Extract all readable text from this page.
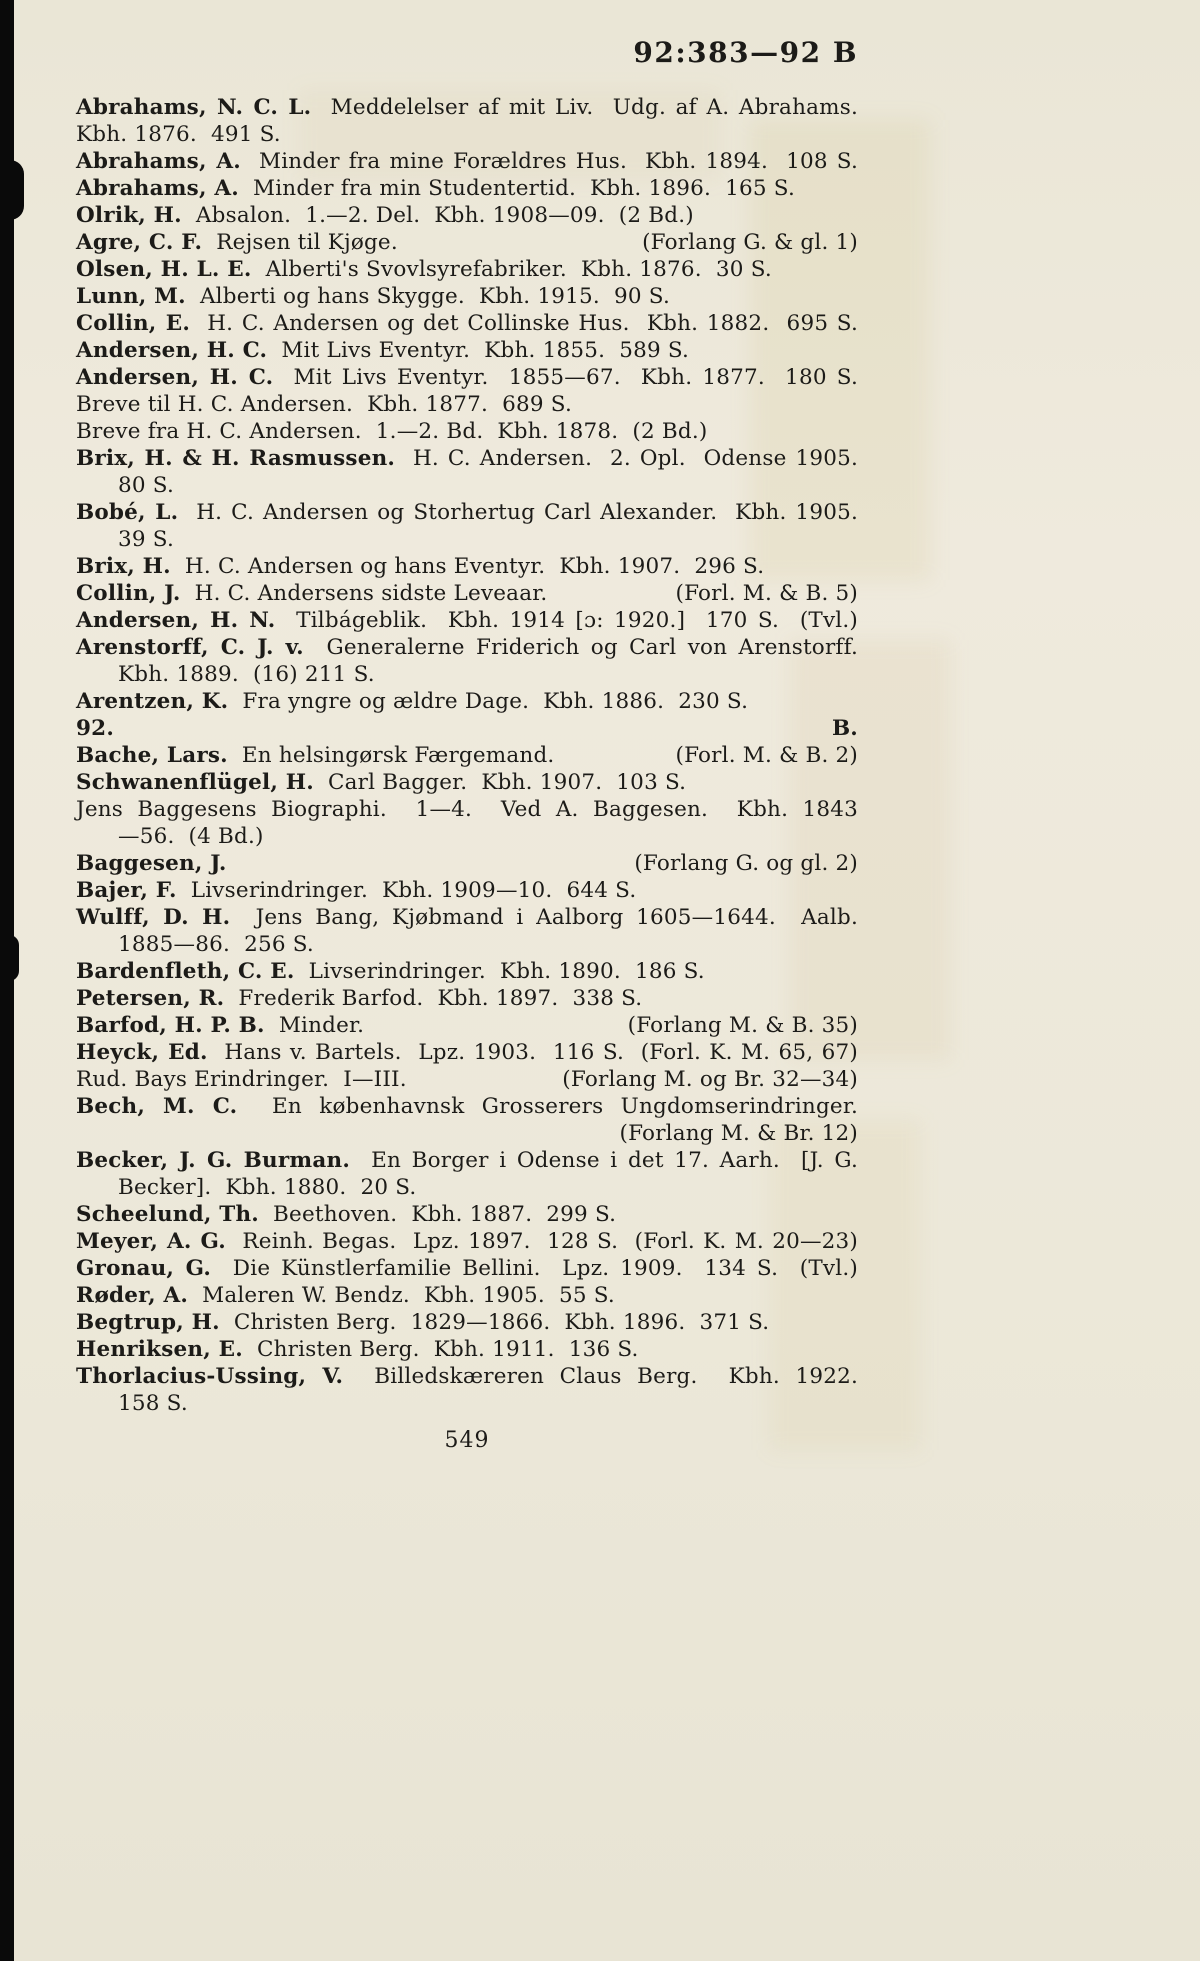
92:383—92 B
Abrahams, N. C. L.  Meddelelser af mit Liv.  Udg. af A. Abrahams.
Kbh. 1876.  491 S.
Abrahams, A.  Minder fra mine Forældres Hus.  Kbh. 1894.  108 S.
Abrahams, A.  Minder fra min Studentertid.  Kbh. 1896.  165 S.
Olrik, H.  Absalon.  1.—2. Del.  Kbh. 1908—09.  (2 Bd.)
Agre, C. F.  Rejsen til Kjøge.	(Forlang G. & gl. 1)
Olsen, H. L. E.  Alberti's Svovlsyrefabriker.  Kbh. 1876.  30 S.
Lunn, M.  Alberti og hans Skygge.  Kbh. 1915.  90 S.
Collin, E.  H. C. Andersen og det Collinske Hus.  Kbh. 1882.  695 S.
Andersen, H. C.  Mit Livs Eventyr.  Kbh. 1855.  589 S.
Andersen, H. C.  Mit Livs Eventyr.  1855—67.  Kbh. 1877.  180 S.
Breve til H. C. Andersen.  Kbh. 1877.  689 S.
Breve fra H. C. Andersen.  1.—2. Bd.  Kbh. 1878.  (2 Bd.)
Brix, H. & H. Rasmussen.  H. C. Andersen.  2. Opl.  Odense 1905.
80 S.
Bobé, L.  H. C. Andersen og Storhertug Carl Alexander.  Kbh. 1905.
39 S.
Brix, H.  H. C. Andersen og hans Eventyr.  Kbh. 1907.  296 S.
Collin, J.  H. C. Andersens sidste Leveaar.	(Forl. M. & B. 5)
Andersen, H. N.  Tilbágeblik.  Kbh. 1914 [ɔ: 1920.]  170 S.  (Tvl.)
Arenstorff, C. J. v.  Generalerne Friderich og Carl von Arenstorff.
Kbh. 1889.  (16) 211 S.
Arentzen, K.  Fra yngre og ældre Dage.  Kbh. 1886.  230 S.
92.	B.
Bache, Lars.  En helsingørsk Færgemand.	(Forl. M. & B. 2)
Schwanenflügel, H.  Carl Bagger.  Kbh. 1907.  103 S.
Jens Baggesens Biographi.  1—4.  Ved A. Baggesen.  Kbh. 1843
—56.  (4 Bd.)
Baggesen, J.	(Forlang G. og gl. 2)
Bajer, F.  Livserindringer.  Kbh. 1909—10.  644 S.
Wulff, D. H.  Jens Bang, Kjøbmand i Aalborg 1605—1644.  Aalb.
1885—86.  256 S.
Bardenfleth, C. E.  Livserindringer.  Kbh. 1890.  186 S.
Petersen, R.  Frederik Barfod.  Kbh. 1897.  338 S.
Barfod, H. P. B.  Minder.	(Forlang M. & B. 35)
Heyck, Ed.  Hans v. Bartels.  Lpz. 1903.  116 S.  (Forl. K. M. 65, 67)
Rud. Bays Erindringer.  I—III.	(Forlang M. og Br. 32—34)
Bech, M. C.  En københavnsk Grosserers Ungdomserindringer.
(Forlang M. & Br. 12)
Becker, J. G. Burman.  En Borger i Odense i det 17. Aarh.  [J. G.
Becker].  Kbh. 1880.  20 S.
Scheelund, Th.  Beethoven.  Kbh. 1887.  299 S.
Meyer, A. G.  Reinh. Begas.  Lpz. 1897.  128 S.  (Forl. K. M. 20—23)
Gronau, G.  Die Künstlerfamilie Bellini.  Lpz. 1909.  134 S.  (Tvl.)
Røder, A.  Maleren W. Bendz.  Kbh. 1905.  55 S.
Begtrup, H.  Christen Berg.  1829—1866.  Kbh. 1896.  371 S.
Henriksen, E.  Christen Berg.  Kbh. 1911.  136 S.
Thorlacius-Ussing, V.  Billedskæreren Claus Berg.  Kbh. 1922.
158 S.
549
